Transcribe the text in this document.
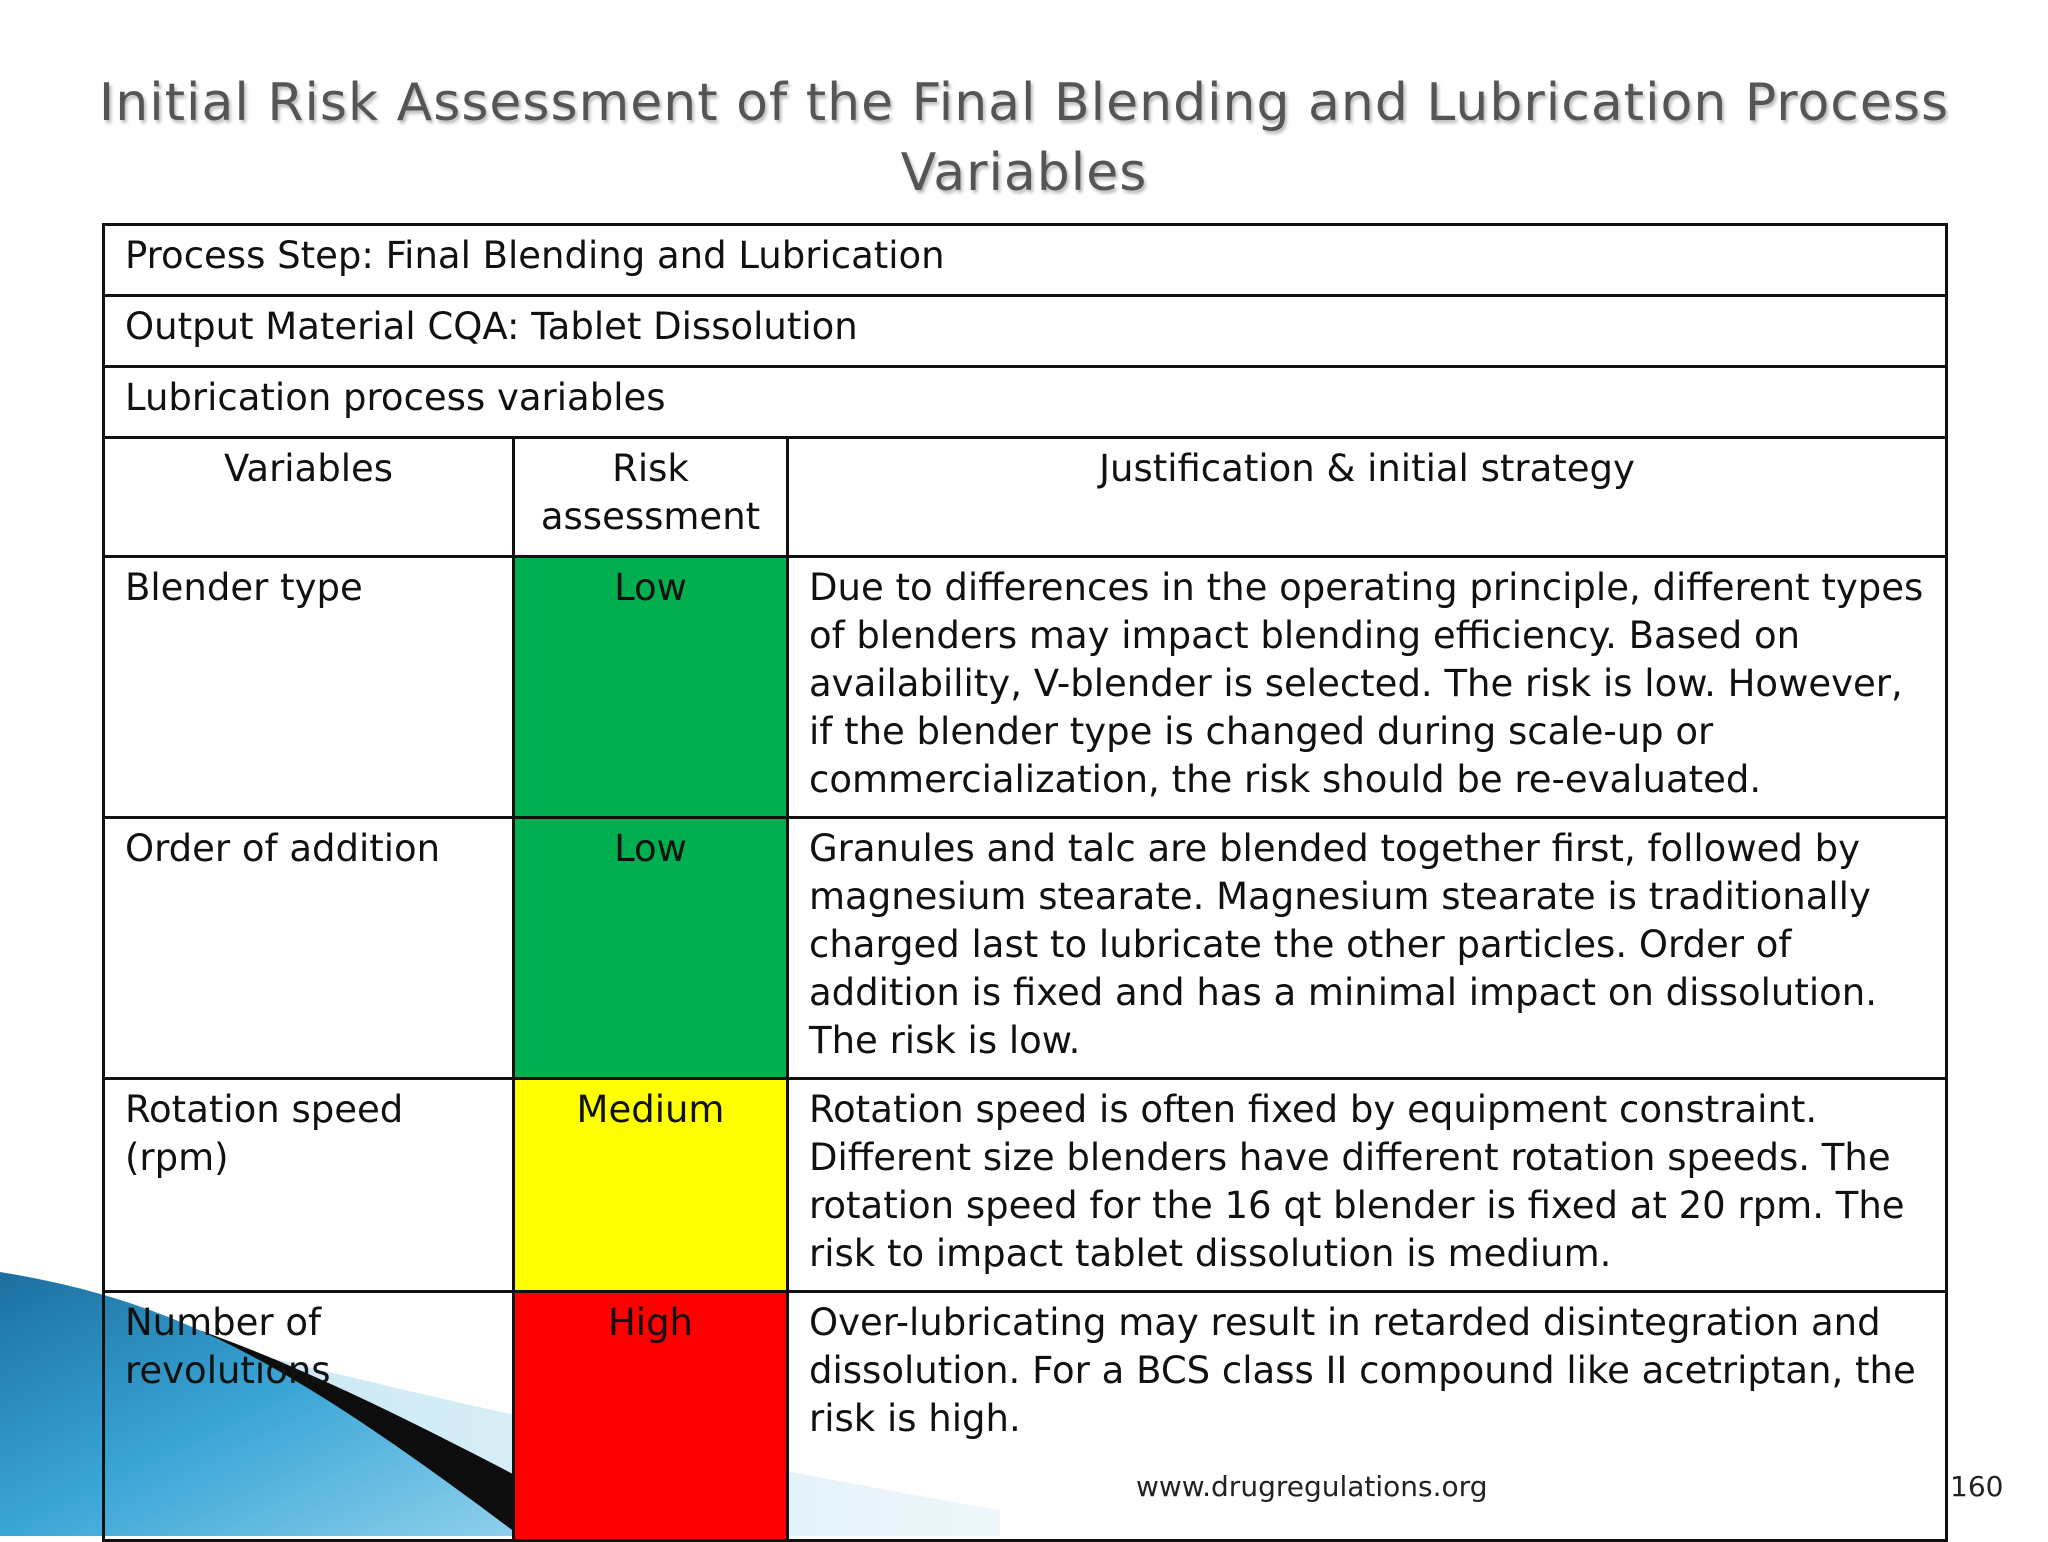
Initial Risk Assessment of the Final Blending and Lubrication Process Variables
Process Step: Final Blending and Lubrication		
Output Material CQA: Tablet Dissolution		
Lubrication process variables		
Variables	Risk assessment	Justification & initial strategy
Blender type	Low	Due to differences in the operating principle, different types of blenders may impact blending efficiency. Based on availability, V-blender is selected. The risk is low. However, if the blender type is changed during scale-up or commercialization, the risk should be re-evaluated.
Order of addition	Low	Granules and talc are blended together first, followed by magnesium stearate. Magnesium stearate is traditionally charged last to lubricate the other particles. Order of addition is fixed and has a minimal impact on dissolution. The risk is low.
Rotation speed (rpm)	Medium	Rotation speed is often fixed by equipment constraint. Different size blenders have different rotation speeds. The rotation speed for the 16 qt blender is fixed at 20 rpm. The risk to impact tablet dissolution is medium.
Number of revolutions	High	Over-lubricating may result in retarded disintegration and dissolution. For a BCS class II compound like acetriptan, the risk is high.
www.drugregulations.org	160
